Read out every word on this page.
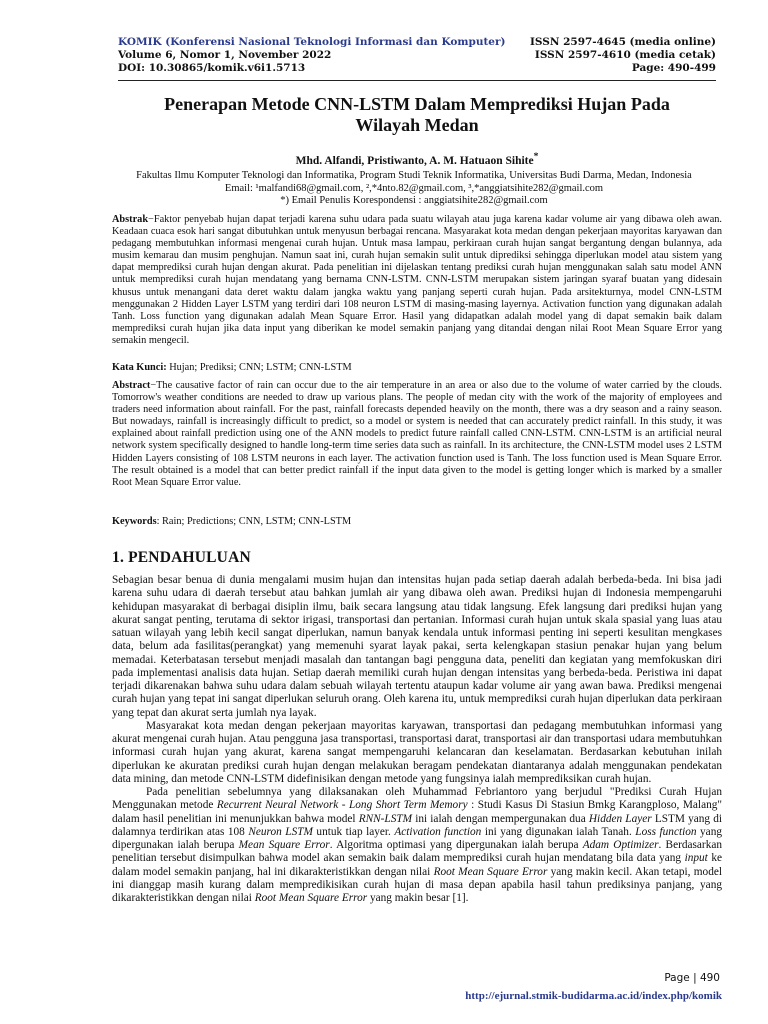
KOMIK (Konferensi Nasional Teknologi Informasi dan Komputer)
Volume 6, Nomor 1, November 2022
DOI: 10.30865/komik.v6i1.5713
ISSN 2597-4645 (media online)
ISSN 2597-4610 (media cetak)
Page: 490-499
Penerapan Metode CNN-LSTM Dalam Memprediksi Hujan Pada
Wilayah Medan
Mhd. Alfandi, Pristiwanto, A. M. Hatuaon Sihite*
Fakultas Ilmu Komputer Teknologi dan Informatika, Program Studi Teknik Informatika, Universitas Budi Darma, Medan, Indonesia
Email: ¹malfandi68@gmail.com, ²,*4nto.82@gmail.com, ³,*anggiatsihite282@gmail.com
*) Email Penulis Korespondensi : anggiatsihite282@gmail.com
Abstrak−Faktor penyebab hujan dapat terjadi karena suhu udara pada suatu wilayah atau juga karena kadar volume air yang dibawa oleh awan. Keadaan cuaca esok hari sangat dibutuhkan untuk menyusun berbagai rencana. Masyarakat kota medan dengan pekerjaan mayoritas karyawan dan pedagang membutuhkan informasi mengenai curah hujan. Untuk masa lampau, perkiraan curah hujan sangat bergantung dengan bulannya, ada musim kemarau dan musim penghujan. Namun saat ini, curah hujan semakin sulit untuk diprediksi sehingga diperlukan model atau sistem yang dapat memprediksi curah hujan dengan akurat. Pada penelitian ini dijelaskan tentang prediksi curah hujan menggunakan salah satu model ANN untuk memprediksi curah hujan mendatang yang bernama CNN-LSTM. CNN-LSTM merupakan sistem jaringan syaraf buatan yang didesain khusus untuk menangani data deret waktu dalam jangka waktu yang panjang seperti curah hujan. Pada arsitekturnya, model CNN-LSTM menggunakan 2 Hidden Layer LSTM yang terdiri dari 108 neuron LSTM di masing-masing layernya. Activation function yang digunakan adalah Tanh. Loss function yang digunakan adalah Mean Square Error. Hasil yang didapatkan adalah model yang di dapat semakin baik dalam memprediksi curah hujan jika data input yang diberikan ke model semakin panjang yang ditandai dengan nilai Root Mean Square Error yang semakin mengecil.
Kata Kunci: Hujan; Prediksi; CNN; LSTM; CNN-LSTM
Abstract−The causative factor of rain can occur due to the air temperature in an area or also due to the volume of water carried by the clouds. Tomorrow's weather conditions are needed to draw up various plans. The people of medan city with the work of the majority of employees and traders need information about rainfall. For the past, rainfall forecasts depended heavily on the month, there was a dry season and a rainy season. But nowadays, rainfall is increasingly difficult to predict, so a model or system is needed that can accurately predict rainfall. In this study, it was explained about rainfall prediction using one of the ANN models to predict future rainfall called CNN-LSTM. CNN-LSTM is an artificial neural network system specifically designed to handle long-term time series data such as rainfall. In its architecture, the CNN-LSTM model uses 2 LSTM Hidden Layers consisting of 108 LSTM neurons in each layer. The activation function used is Tanh. The loss function used is Mean Square Error. The result obtained is a model that can better predict rainfall if the input data given to the model is getting longer which is marked by a smaller Root Mean Square Error value.
Keywords: Rain; Predictions; CNN, LSTM; CNN-LSTM
1. PENDAHULUAN

Sebagian besar benua di dunia mengalami musim hujan dan intensitas hujan pada setiap daerah adalah berbeda-beda. Ini bisa jadi karena suhu udara di daerah tersebut atau bahkan jumlah air yang dibawa oleh awan. Prediksi hujan di Indonesia mempengaruhi kehidupan masyarakat di berbagai disiplin ilmu, baik secara langsung atau tidak langsung. Efek langsung dari prediksi hujan yang akurat sangat penting, terutama di sektor irigasi, transportasi dan pertanian. Informasi curah hujan untuk skala spasial yang luas atau satuan wilayah yang lebih kecil sangat diperlukan, namun banyak kendala untuk informasi penting ini seperti kesulitan mengkases data, belum ada fasilitas(perangkat) yang memenuhi syarat layak pakai, serta kelengkapan stasiun penakar hujan yang belum memadai. Keterbatasan tersebut menjadi masalah dan tantangan bagi pengguna data, peneliti dan kegiatan yang memfokuskan diri pada implementasi analisis data hujan. Setiap daerah memiliki curah hujan dengan intensitas yang berbeda-beda. Peristiwa ini dapat terjadi dikarenakan bahwa suhu udara dalam sebuah wilayah tertentu ataupun kadar volume air yang awan bawa. Prediksi mengenai curah hujan yang tepat ini sangat diperlukan seluruh orang. Oleh karena itu, untuk memprediksi curah hujan diperlukan data perkiraan yang tepat dan akurat serta jumlah nya layak.

Masyarakat kota medan dengan pekerjaan mayoritas karyawan, transportasi dan pedagang membutuhkan informasi yang akurat mengenai curah hujan. Atau pengguna jasa transportasi, transportasi darat, transportasi air dan transportasi udara membutuhkan informasi curah hujan yang akurat, karena sangat mempengaruhi kelancaran dan keselamatan. Berdasarkan kebutuhan inilah diperlukan ke akuratan prediksi curah hujan dengan melakukan beragam pendekatan diantaranya adalah menggunakan pendekatan data mining, dan metode CNN-LSTM didefinisikan dengan metode yang fungsinya ialah memprediksikan curah hujan.

Pada penelitian sebelumnya yang dilaksanakan oleh Muhammad Febriantoro yang berjudul "Prediksi Curah Hujan Menggunakan metode Recurrent Neural Network - Long Short Term Memory : Studi Kasus Di Stasiun Bmkg Karangploso, Malang" dalam hasil penelitian ini menunjukkan bahwa model RNN-LSTM ini ialah dengan mempergunakan dua Hidden Layer LSTM yang di dalamnya terdirikan atas 108 Neuron LSTM untuk tiap layer. Activation function ini yang digunakan ialah Tanah. Loss function yang dipergunakan ialah berupa Mean Square Error. Algoritma optimasi yang dipergunakan ialah berupa Adam Optimizer. Berdasarkan penelitian tersebut disimpulkan bahwa model akan semakin baik dalam memprediksi curah hujan mendatang bila data yang input ke dalam model semakin panjang, hal ini dikarakteristikkan dengan nilai Root Mean Square Error yang makin kecil. Akan tetapi, model ini dianggap masih kurang dalam mempredikisikan curah hujan di masa depan apabila hasil tahun prediksinya panjang, yang dikarakteristikkan dengan nilai Root Mean Square Error yang makin besar [1].

Page | 490
http://ejurnal.stmik-budidarma.ac.id/index.php/komik
